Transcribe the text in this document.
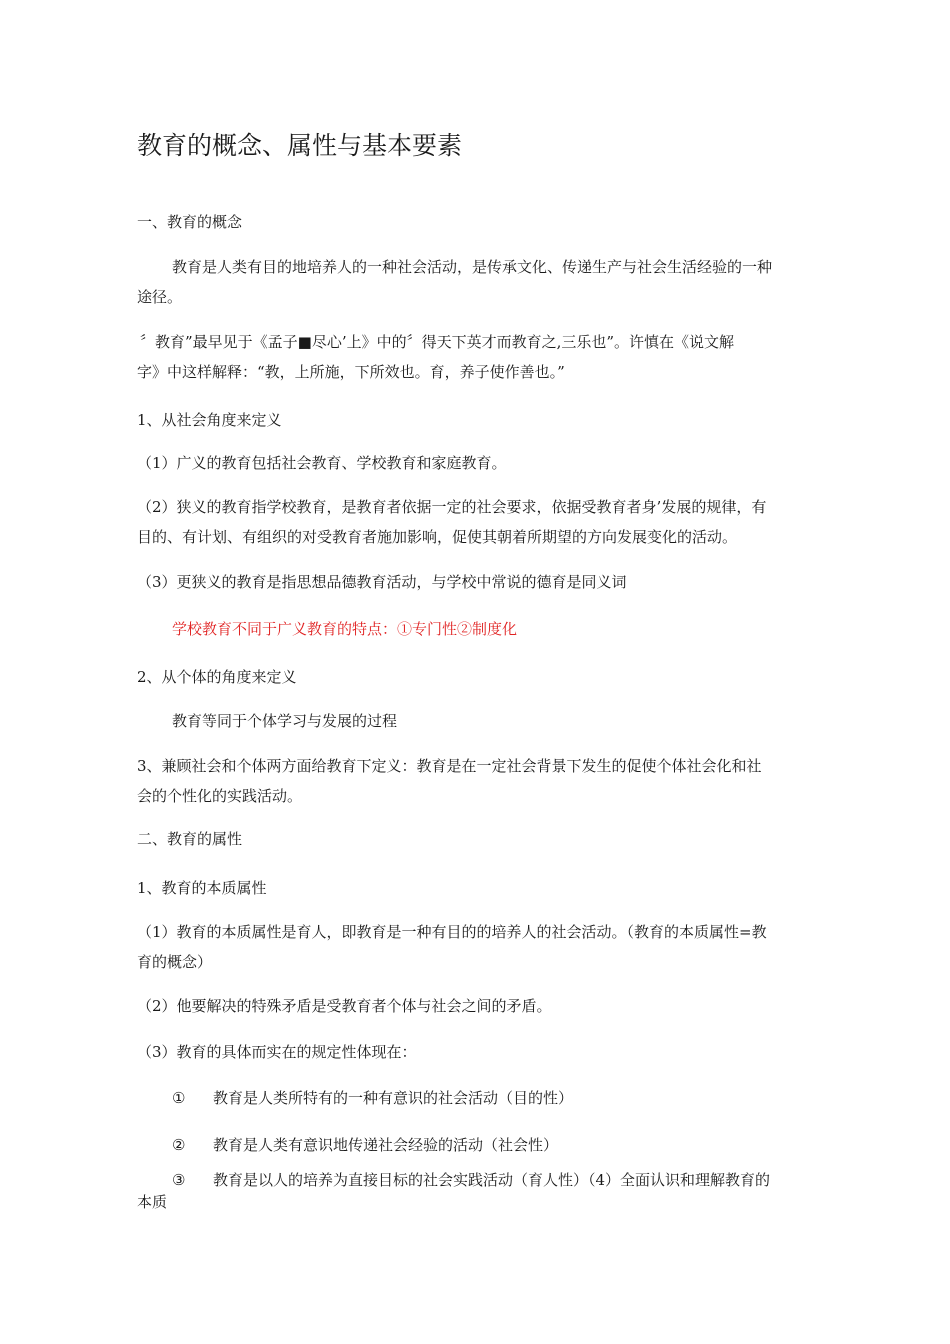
教育的概念、属性与基本要素
一、教育的概念
教育是人类有目的地培养人的一种社会活动，是传承文化、传递生产与社会生活经验的一种
途径。
〞教育”最早见于《孟子■尽心’上》中的〞得天下英才而教育之,三乐也”。许慎在《说文解
字》中这样解释：“教，上所施，下所效也。育，养子使作善也。”
1、从社会角度来定义
（1）广义的教育包括社会教育、学校教育和家庭教育。
（2）狭义的教育指学校教育，是教育者依据一定的社会要求，依据受教育者身’发展的规律，有
目的、有计划、有组织的对受教育者施加影响，促使其朝着所期望的方向发展变化的活动。
（3）更狭义的教育是指思想品德教育活动，与学校中常说的德育是同义词
学校教育不同于广义教育的特点：①专门性②制度化
2、从个体的角度来定义
教育等同于个体学习与发展的过程
3、兼顾社会和个体两方面给教育下定义：教育是在一定社会背景下发生的促使个体社会化和社
会的个性化的实践活动。
二、教育的属性
1、教育的本质属性
（1）教育的本质属性是育人，即教育是一种有目的的培养人的社会活动。（教育的本质属性=教
育的概念）
（2）他要解决的特殊矛盾是受教育者个体与社会之间的矛盾。
（3）教育的具体而实在的规定性体现在：
① 教育是人类所特有的一种有意识的社会活动（目的性）
② 教育是人类有意识地传递社会经验的活动（社会性）
③ 教育是以人的培养为直接目标的社会实践活动（育人性）（4）全面认识和理解教育的
本质
